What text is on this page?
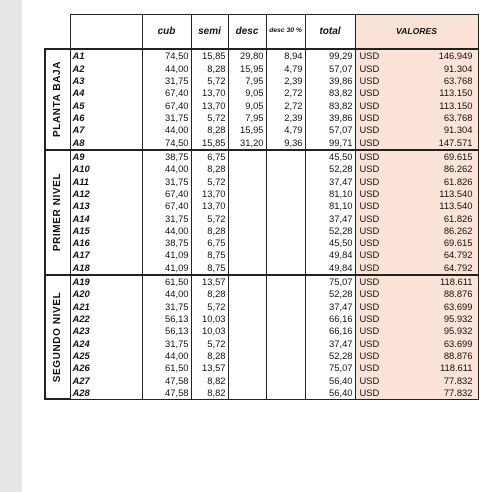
		cub	semi	desc	desc 30 %	total	VALORES	

PLANTA BAJA	A1	74,50	15,85	29,80	8,94	99,29	USD	146.949
	A2	44,00	8,28	15,95	4,79	57,07	USD	91.304
	A3	31,75	5,72	7,95	2,39	39,86	USD	63.768
	A4	67,40	13,70	9,05	2,72	83,82	USD	113.150
	A5	67,40	13,70	9,05	2,72	83,82	USD	113.150
	A6	31,75	5,72	7,95	2,39	39,86	USD	63.768
	A7	44,00	8,28	15,95	4,79	57,07	USD	91.304
	A8	74,50	15,85	31,20	9,36	99,71	USD	147.571

PRIMER NIVEL	A9	38,75	6,75			45,50	USD	69.615
	A10	44,00	8,28			52,28	USD	86.262
	A11	31,75	5,72			37,47	USD	61.826
	A12	67,40	13,70			81,10	USD	113.540
	A13	67,40	13,70			81,10	USD	113.540
	A14	31,75	5,72			37,47	USD	61.826
	A15	44,00	8,28			52,28	USD	86.262
	A16	38,75	6,75			45,50	USD	69.615
	A17	41,09	8,75			49,84	USD	64.792
	A18	41,09	8,75			49,84	USD	64.792

SEGUNDO NIVEL	A19	61,50	13,57			75,07	USD	118.611
	A20	44,00	8,28			52,28	USD	88.876
	A21	31,75	5,72			37,47	USD	63.699
	A22	56,13	10,03			66,16	USD	95.932
	A23	56,13	10,03			66,16	USD	95.932
	A24	31,75	5,72			37,47	USD	63.699
	A25	44,00	8,28			52,28	USD	88.876
	A26	61,50	13,57			75,07	USD	118.611
	A27	47,58	8,82			56,40	USD	77.832
	A28	47,58	8,82			56,40	USD	77.832
